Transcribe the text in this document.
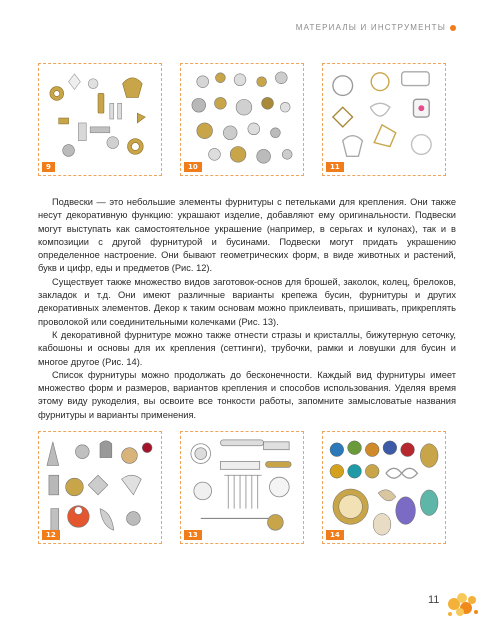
МАТЕРИАЛЫ И ИНСТРУМЕНТЫ
9	10	11

Подвески — это небольшие элементы фурнитуры с петельками для крепления. Они также несут декоративную функцию: украшают изделие, добавляют ему оригинальности. Подвески могут выступать как самостоятельное украшение (например, в серьгах и кулонах), так и в композиции с другой фурнитурой и бусинами. Подвески могут придать украшению определенное настроение. Они бывают геометрических форм, в виде животных и растений, букв и цифр, еды и предметов (Рис. 12).

Существует также множество видов заготовок-основ для брошей, заколок, колец, брелоков, закладок и т.д. Они имеют различные варианты крепежа бусин, фурнитуры и других декоративных элементов. Декор к таким основам можно приклеивать, пришивать, прикреплять проволокой или соединительными колечками (Рис. 13).

К декоративной фурнитуре можно также отнести стразы и кристаллы, бижутерную сеточку, кабошоны и основы для их крепления (сеттинги), трубочки, рамки и ловушки для бусин и многое другое (Рис. 14).

Список фурнитуры можно продолжать до бесконечности. Каждый вид фурнитуры имеет множество форм и размеров, вариантов крепления и способов использования. Уделяя время этому виду рукоделия, вы освоите все тонкости работы, запомните замысловатые названия фурнитуры и варианты применения.

12	13	14
11
